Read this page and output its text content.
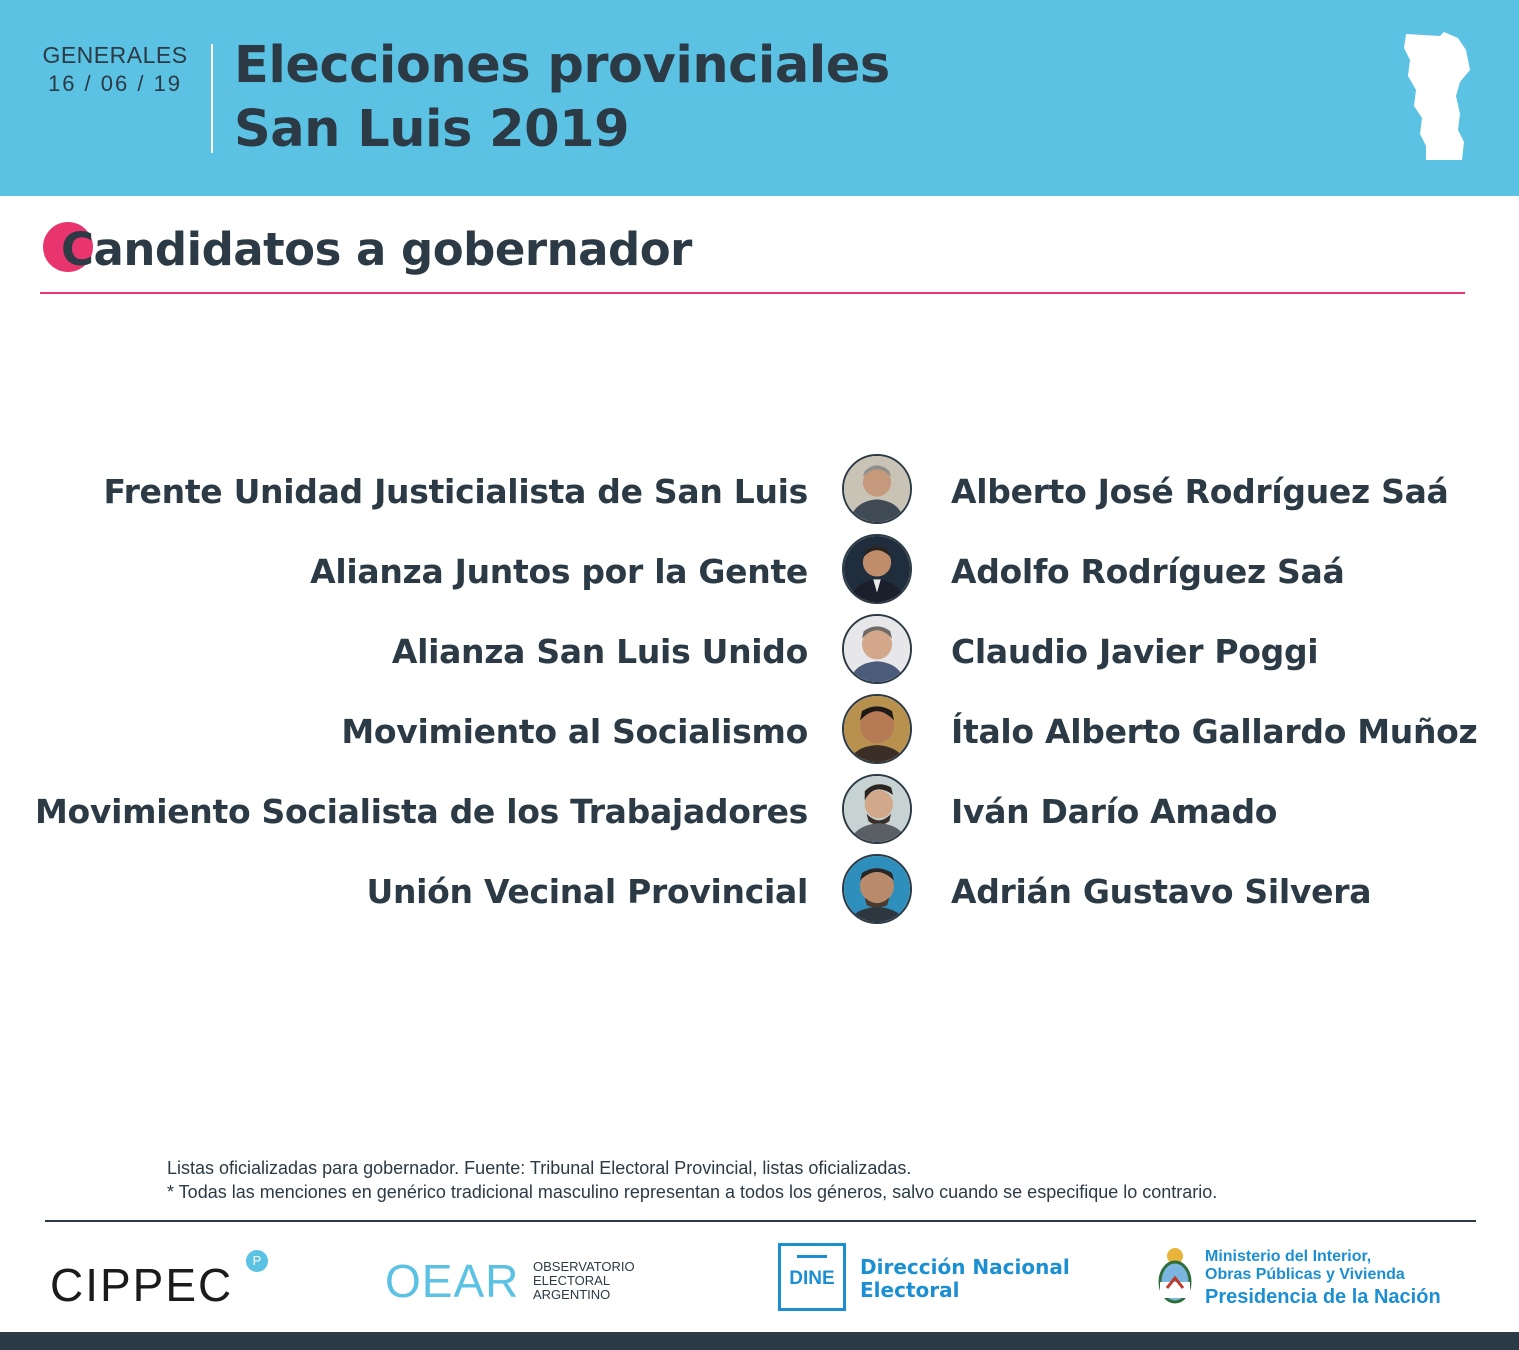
GENERALES
16 / 06 / 19 Elecciones provinciales
San Luis 2019
Candidatos a gobernador
Frente Unidad Justicialista de San Luis	Alberto José Rodríguez Saá
Alianza Juntos por la Gente	Adolfo Rodríguez Saá
Alianza San Luis Unido	Claudio Javier Poggi
Movimiento al Socialismo	Ítalo Alberto Gallardo Muñoz
Movimiento Socialista de los Trabajadores	Iván Darío Amado
Unión Vecinal Provincial	Adrián Gustavo Silvera
Listas oficializadas para gobernador. Fuente: Tribunal Electoral Provincial, listas oficializadas.
* Todas las menciones en genérico tradicional masculino representan a todos los géneros, salvo cuando se especifique lo contrario.
CIPPEC	P	OEAR OBSERVATORIO
ELECTORAL
ARGENTINO
DINE	Dirección Nacional
Electoral
Ministerio del Interior,
Obras Públicas y Vivienda
Presidencia de la Nación
